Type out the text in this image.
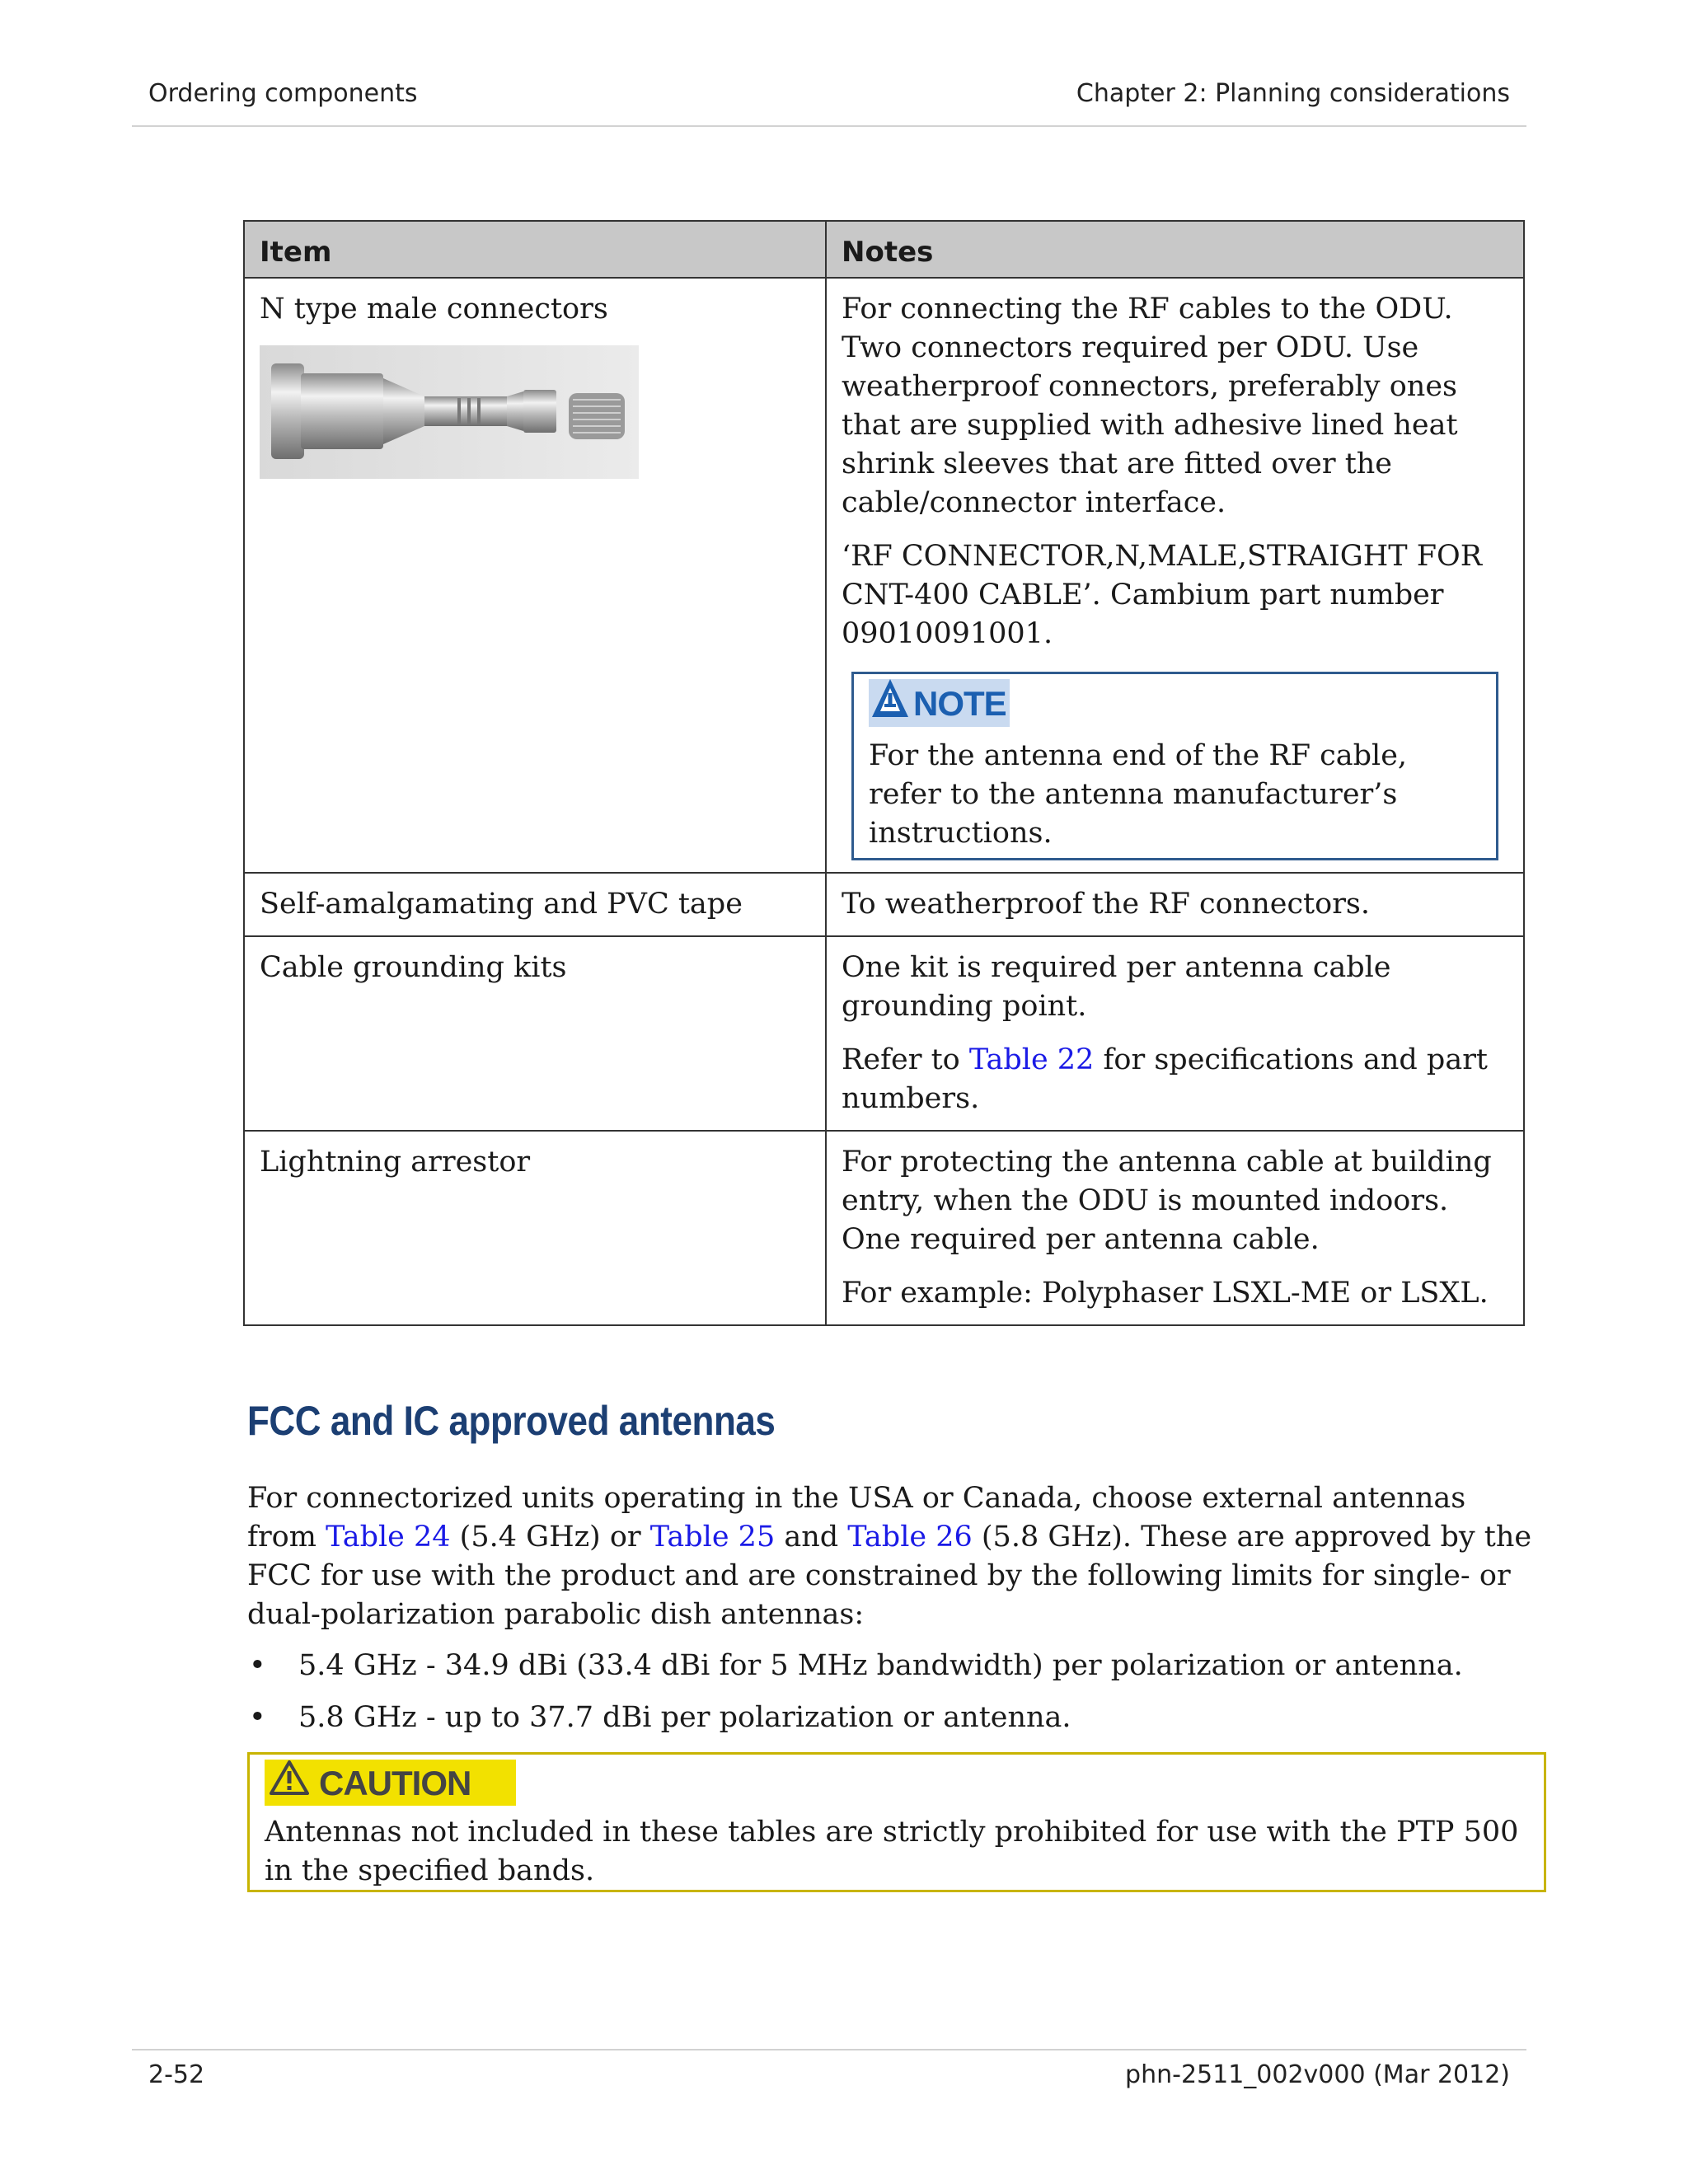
Ordering components	Chapter 2: Planning considerations
Item	Notes

N type male connectors	For connecting the RF cables to the ODU. Two connectors required per ODU. Use weatherproof connectors, preferably ones that are supplied with adhesive lined heat shrink sleeves that are fitted over the cable/connector interface.

‘RF CONNECTOR,N,MALE,STRAIGHT FOR CNT-400 CABLE’. Cambium part number 09010091001.

NOTE
For the antenna end of the RF cable, refer to the antenna manufacturer’s instructions.

Self-amalgamating and PVC tape	To weatherproof the RF connectors.

Cable grounding kits	One kit is required per antenna cable grounding point.

Refer to Table 22 for specifications and part numbers.

Lightning arrestor	For protecting the antenna cable at building entry, when the ODU is mounted indoors. One required per antenna cable.

For example: Polyphaser LSXL-ME or LSXL.

FCC and IC approved antennas

For connectorized units operating in the USA or Canada, choose external antennas from Table 24 (5.4 GHz) or Table 25 and Table 26 (5.8 GHz). These are approved by the FCC for use with the product and are constrained by the following limits for single- or dual-polarization parabolic dish antennas:

• 5.4 GHz - 34.9 dBi (33.4 dBi for 5 MHz bandwidth) per polarization or antenna.
• 5.8 GHz - up to 37.7 dBi per polarization or antenna.
CAUTION
Antennas not included in these tables are strictly prohibited for use with the PTP 500 in the specified bands.
2-52	phn-2511_002v000 (Mar 2012)
